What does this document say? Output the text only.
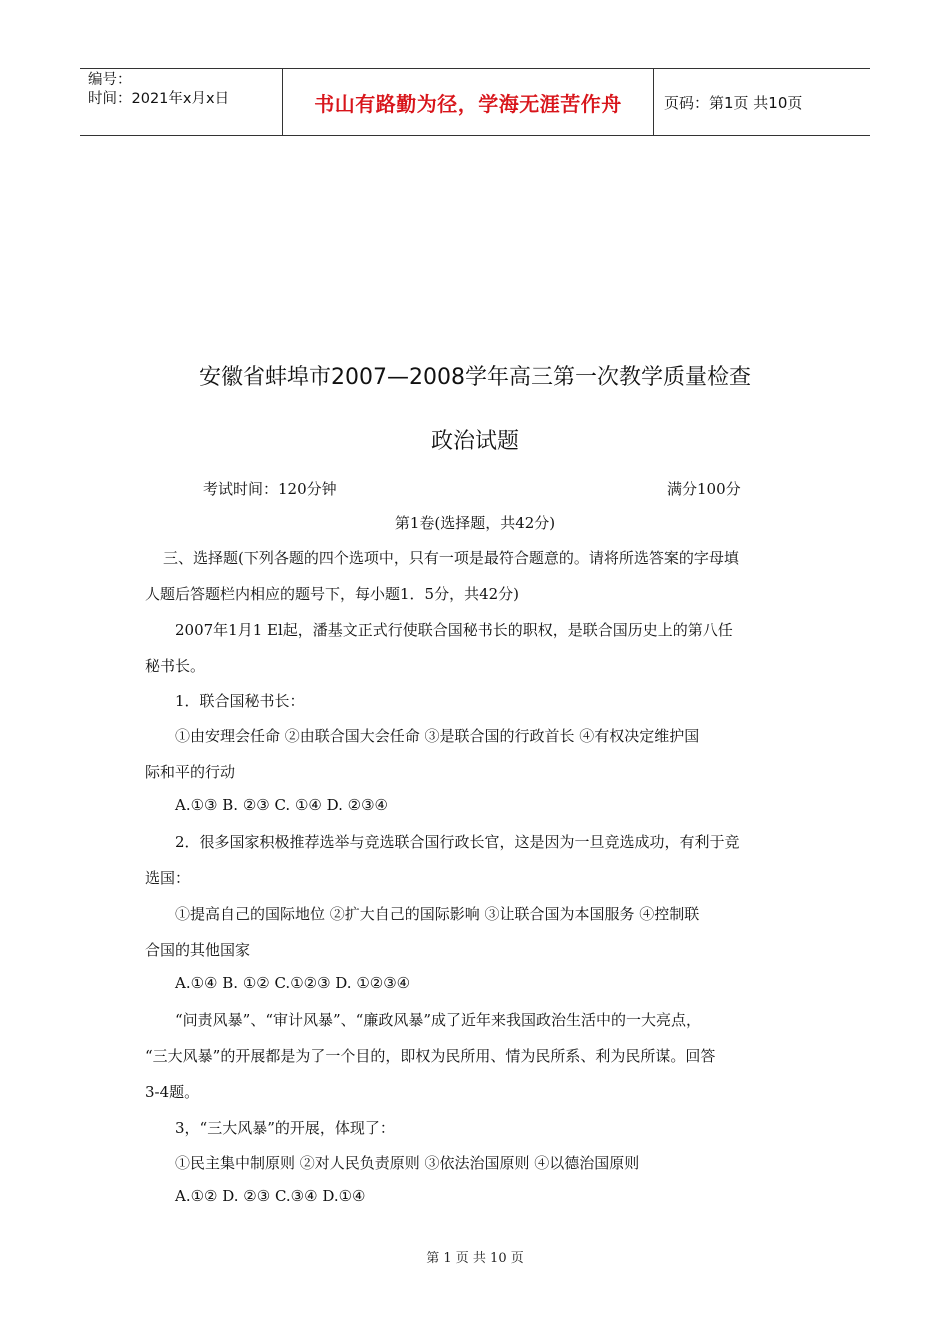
编号：
时间：2021年x月x日	书山有路勤为径，学海无涯苦作舟	页码：第1页 共10页
安徽省蚌埠市2007—2008学年高三第一次教学质量检查
政治试题
考试时间：120分钟	满分100分
第1卷(选择题，共42分)
三、选择题(下列各题的四个选项中，只有一项是最符合题意的。请将所选答案的字母填
人题后答题栏内相应的题号下，每小题1．5分，共42分)
2007年1月1 El起，潘基文正式行使联合国秘书长的职权，是联合国历史上的第八任
秘书长。
1．联合国秘书长：
①由安理会任命 ②由联合国大会任命 ③是联合国的行政首长 ④有权决定维护国
际和平的行动
A.①③ B. ②③ C. ①④ D. ②③④
2．很多国家积极推荐选举与竞选联合国行政长官，这是因为一旦竞选成功，有利于竞
选国：
①提高自己的国际地位 ②扩大自己的国际影响 ③让联合国为本国服务 ④控制联
合国的其他国家
A.①④ B. ①② C.①②③ D. ①②③④
“问责风暴”、“审计风暴”、“廉政风暴”成了近年来我国政治生活中的一大亮点，
“三大风暴”的开展都是为了一个目的，即权为民所用、情为民所系、利为民所谋。回答
3-4题。
3，“三大风暴”的开展，体现了：
①民主集中制原则 ②对人民负责原则 ③依法治国原则 ④以德治国原则
A.①② D. ②③ C.③④ D.①④
第 1 页 共 10 页
